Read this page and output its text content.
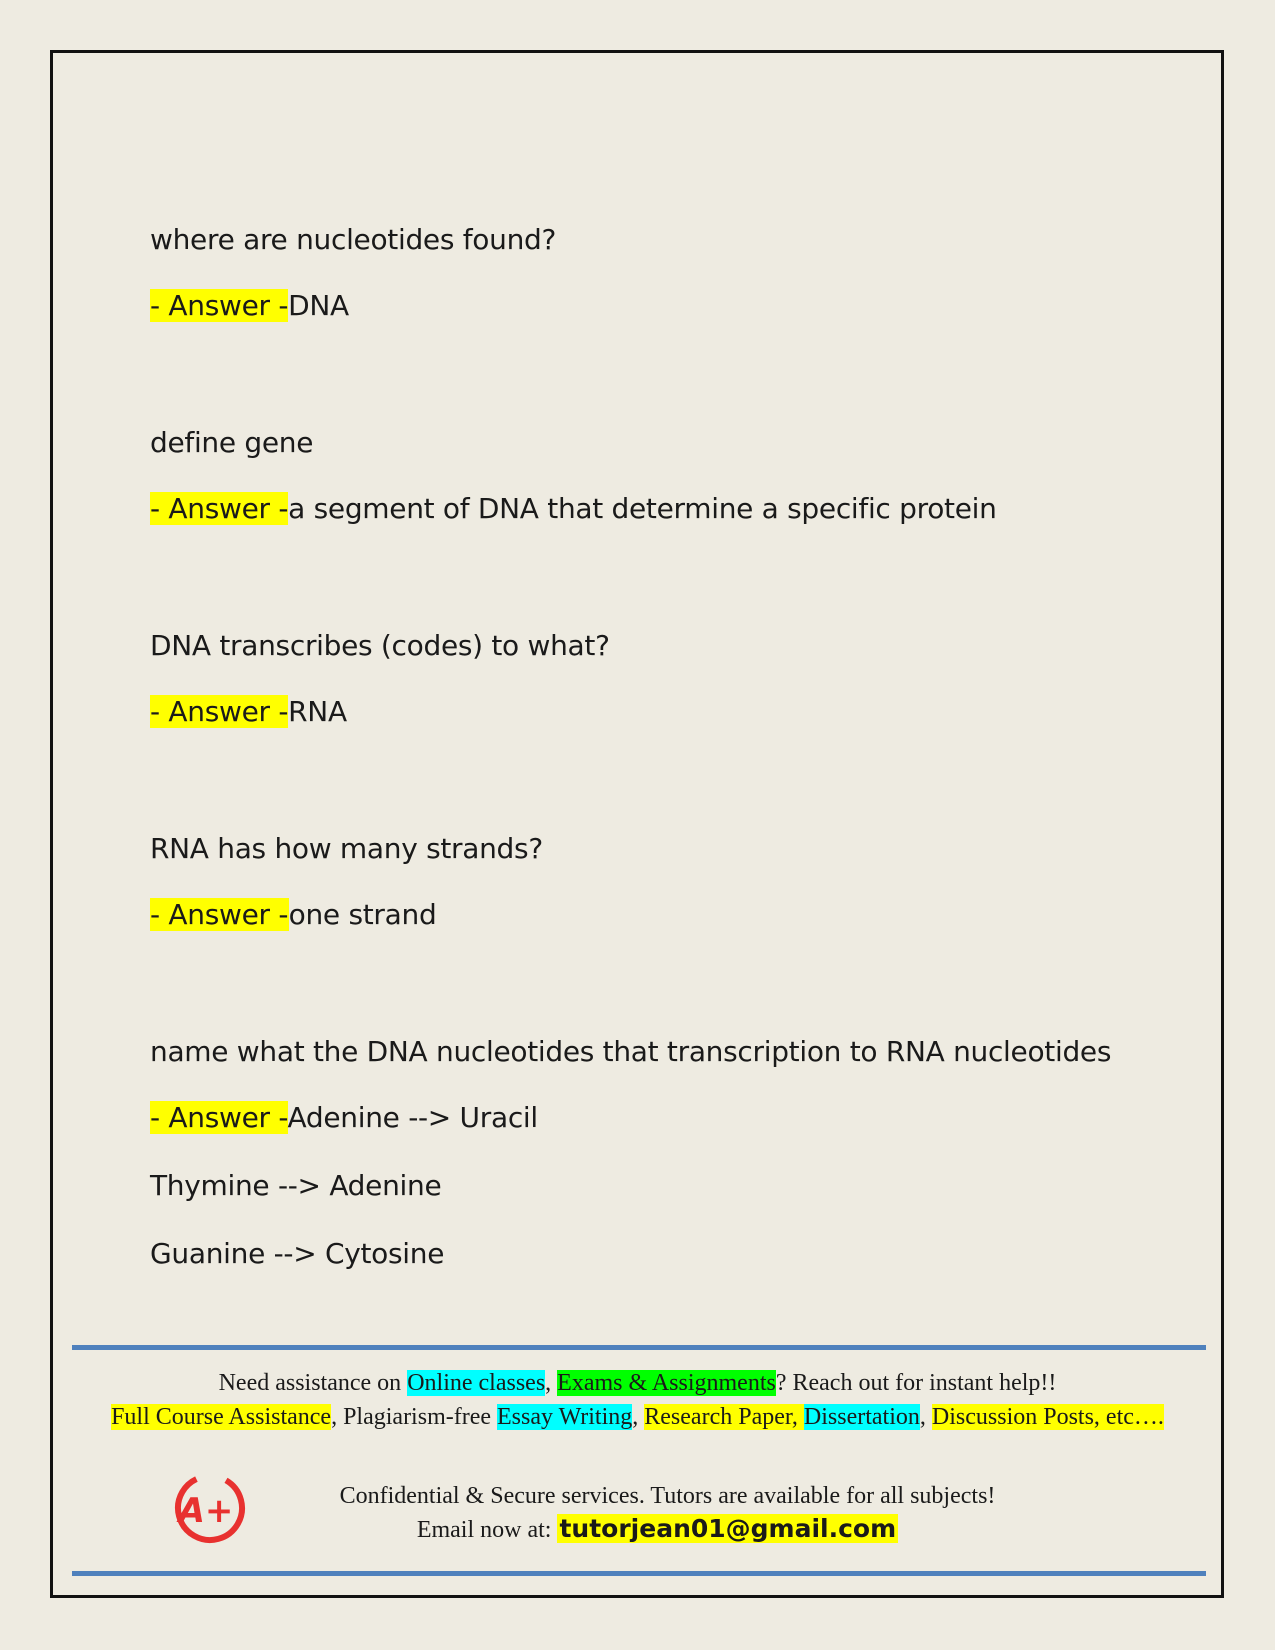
where are nucleotides found?
- Answer -DNA
define gene
- Answer -a segment of DNA that determine a specific protein
DNA transcribes (codes) to what?
- Answer -RNA
RNA has how many strands?
- Answer -one strand
name what the DNA nucleotides that transcription to RNA nucleotides
- Answer -Adenine --> Uracil
Thymine --> Adenine
Guanine --> Cytosine
Need assistance on Online classes, Exams & Assignments? Reach out for instant help!!
Full Course Assistance, Plagiarism-free Essay Writing, Research Paper, Dissertation, Discussion Posts, etc….
A+	Confidential & Secure services. Tutors are available for all subjects!
Email now at: tutorjean01@gmail.com
